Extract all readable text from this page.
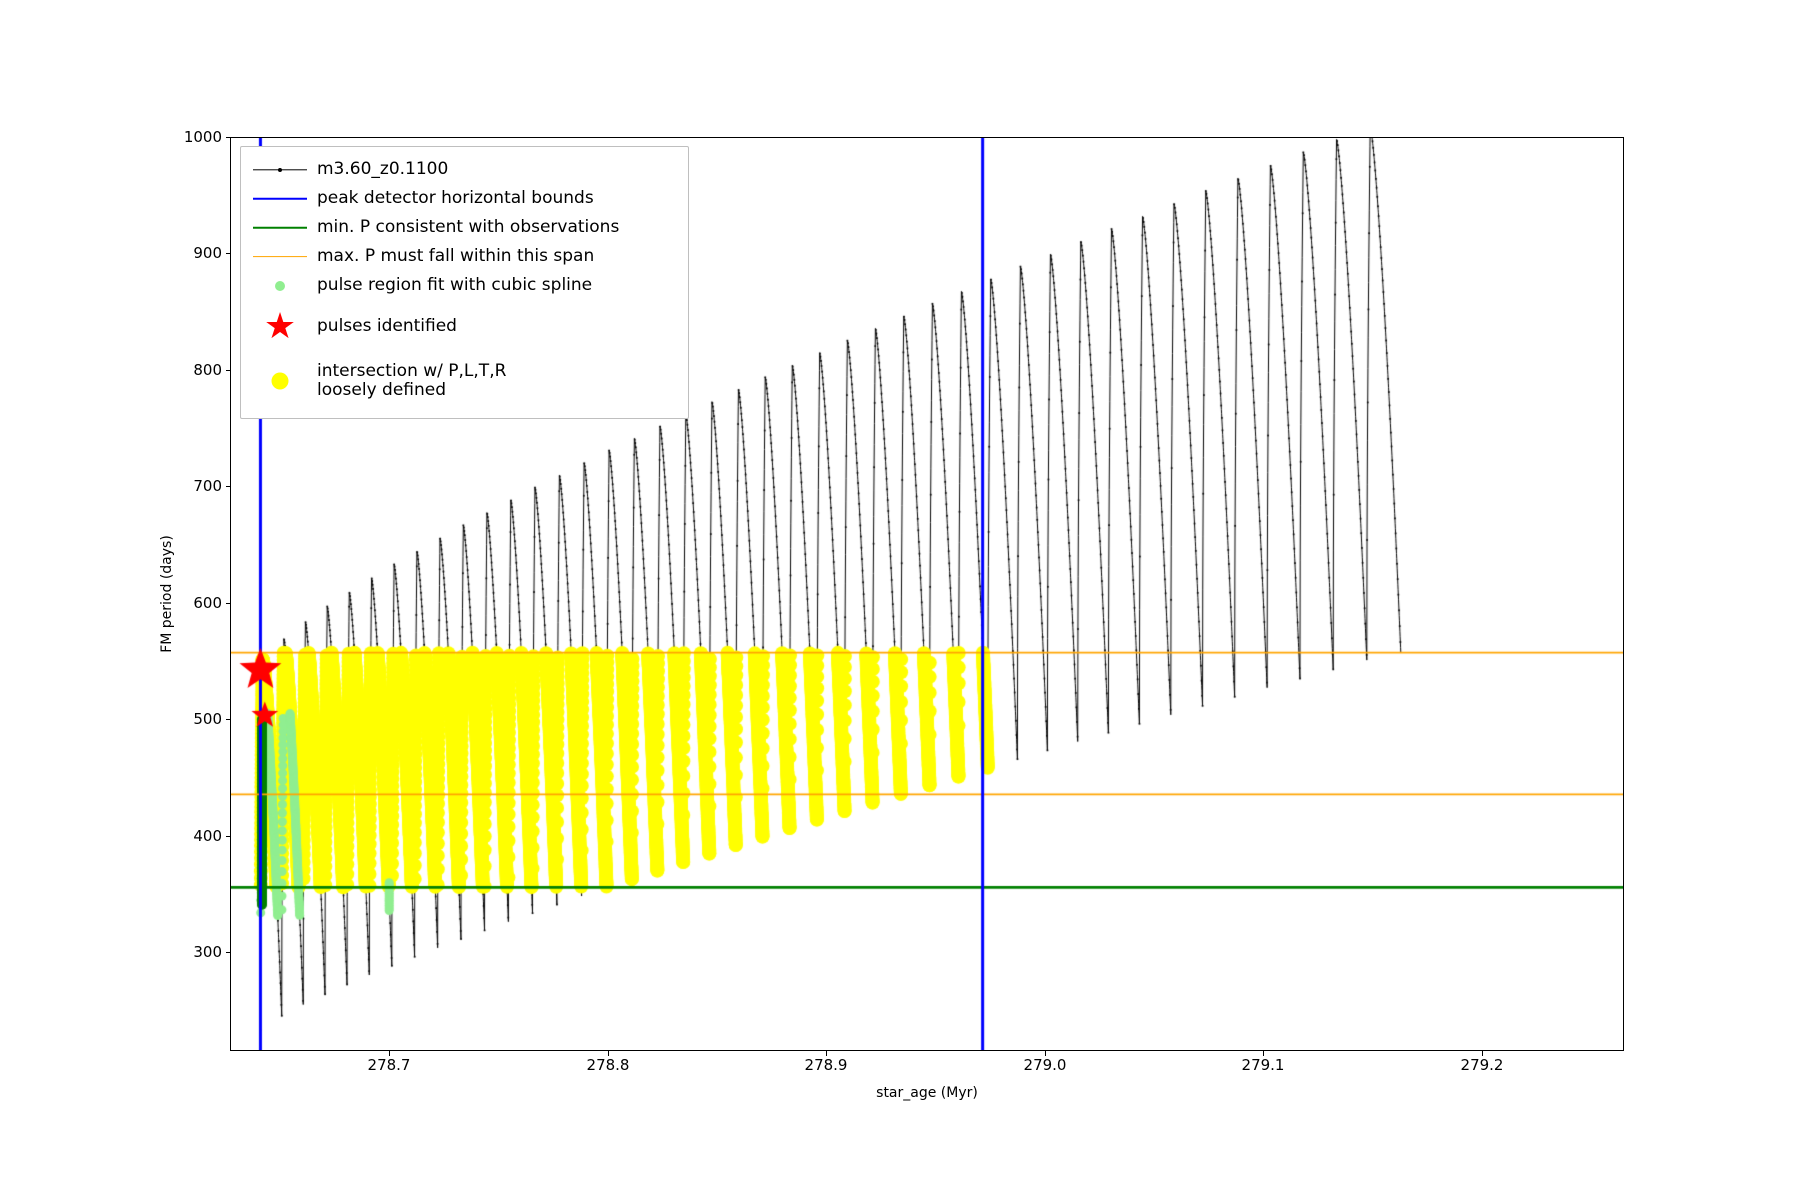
FM period (days)
star_age (Myr)
1000
900
800
700
600
500
400
300
278.7	278.8	278.9	279.0	279.1	279.2
m3.60_z0.1100
peak detector horizontal bounds
min. P consistent with observations
max. P must fall within this span
pulse region fit with cubic spline
★ pulses identified
intersection w/ P,L,T,R
loosely defined
